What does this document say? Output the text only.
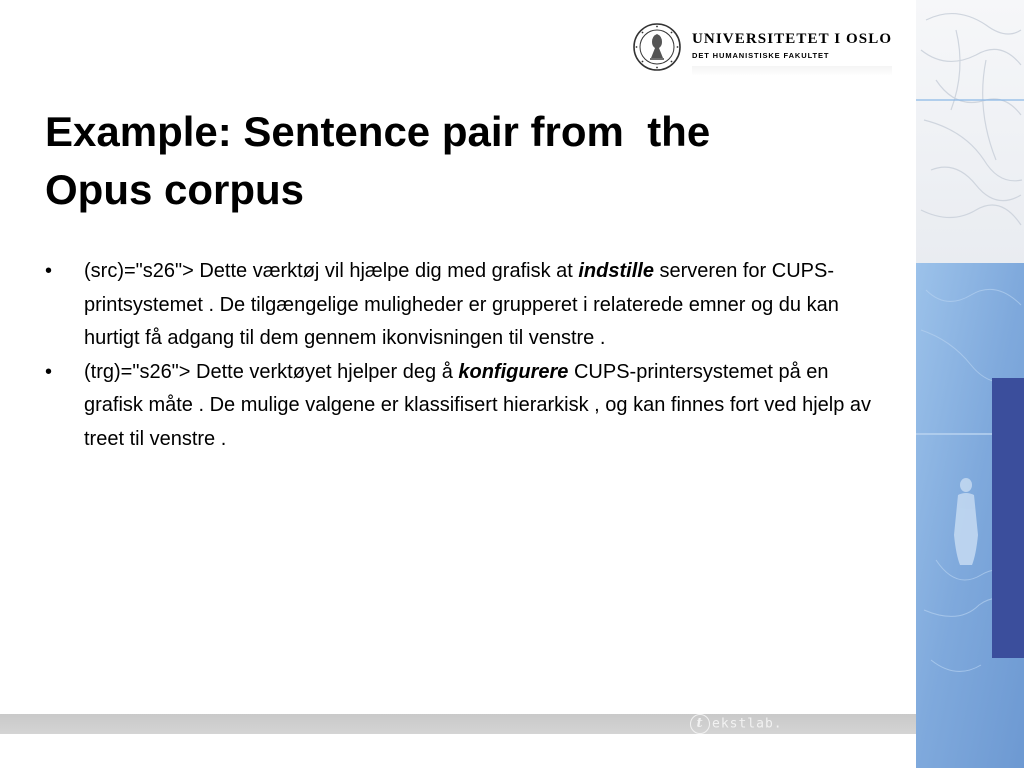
UNIVERSITETET I OSLO
DET HUMANISTISKE FAKULTET
Example: Sentence pair from  the
Opus corpus
• (src)="s26"> Dette værktøj vil hjælpe dig med grafisk at indstille serveren for CUPS-printsystemet . De tilgængelige muligheder er grupperet i relaterede emner og du kan hurtigt få adgang til dem gennem ikonvisningen til venstre .
• (trg)="s26"> Dette verktøyet hjelper deg å konfigurere CUPS-printersystemet på en grafisk måte . De mulige valgene er klassifisert hierarkisk , og kan finnes fort ved hjelp av treet til venstre .
t ekstlab.
